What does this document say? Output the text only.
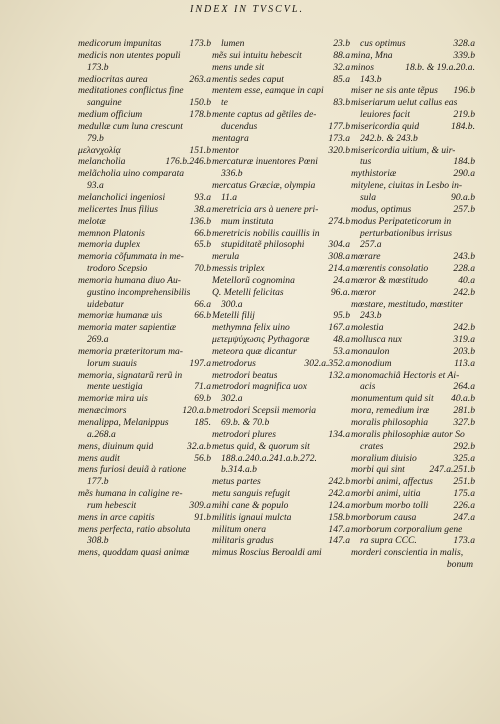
INDEX IN TVSCVL.
medicorum impunitas	173.b
medicis non utentes populi
173.b
mediocritas aurea	263.a
meditationes conflictus fine
sanguine	150.b
medium officium	178.b
medullæ cum luna crescunt
79.b
μελανχολίᾳ	151.b
melancholia	176.b.246.b
melãcholia uino comparata
93.a
melancholici ingeniosi	93.a
melicertes Inus filius	38.a
melotæ	136.b
memnon Platonis	66.b
memoria duplex	65.b
memoria cõfummata in me-
trodoro Scepsio	70.b
memoria humana diuo Au-
gustino incomprehensibilis
uidebatur	66.a
memoriæ humanæ uis	66.b
memoria mater sapientiæ
269.a
memoria præteritorum ma-
lorum suauis	197.a
memoria, signatarũ rerũ in
mente uestigia	71.a
memoriæ mira uis	69.b
menæcimors	120.a.b
menalippa, Melanippus	185.
a.268.a
mens, diuinum quid	32.a.b
mens audit	56.b
mens furiosi deuiã à ratione
177.b
mẽs humana in caligine re-
rum hebescit	309.a
mens in arce capitis	91.b
mens perfecta, ratio absoluta
308.b
mens, quoddam quasi animæ
lumen	23.b
mẽs sui intuitu hebescit	88.a
mens unde sit	32.a
mentis sedes caput	85.a
mentem esse, eamque in capi
te	83.b
mente captus ad gẽtiles de-
ducendus	177.b
mentagra	173.a
mentor	320.b
mercaturæ inuentores Pœni
336.b
mercatus Græciæ, olympia
11.a
meretricia ars à uenere pri-
mum instituta	274.b
meretricis nobilis cauillis in
stupiditatẽ philosophi 304.a
merula	308.a
messis triplex	214.a
Metellorũ cognomina	24.a
Q. Metelli felicitas	96.a.
300.a
Metelli filij	95.b
methymna felix uino	167.a
μετεμψύχωσις Pythagoræ 48.a
meteora quæ dicantur	53.a
metrodorus	302.a.352.a
metrodori beatus	132.a
metrodori magnifica uox
302.a
metrodori Scepsii memoria
69.b. & 70.b
metrodori plures	134.a
metus quid, & quorum sit
188.a.240.a.241.a.b.272.
b.314.a.b
metus partes	242.b
metu sanguis refugit	242.a
mihi cane & populo	124.a
militis ignaui mulcta	158.b
militum onera	147.a
militaris gradus	147.a
mimus Roscius Beroaldi ami
cus optimus	328.a
mina, Mna	339.b
minos	18.b. & 19.a.20.a.
143.b
miser ne sis ante tẽpus 196.b
miseriarum uelut callus eas
leuiores facit	219.b
misericordia quid	184.b.
242.b. & 243.b
misericordia uitium, & uir-
tus	184.b
mythistoriæ	290.a
mitylene, ciuitas in Lesbo in-
sula	90.a.b
modus, optimus	257.b
modus Peripateticorum in
perturbationibus irrisus
257.a
mœrare	243.b
mœrentis consolatio	228.a
mœror & mœstitudo	40.a
mœror	242.b
mœstare, mestitudo, mœstiter
243.b
molestia	242.b
mollusca nux	319.a
monaulon	203.b
monodium	113.a
monomachiâ Hectoris et Ai-
acis	264.a
monumentum quid sit 40.a.b
mora, remedium iræ	281.b
moralis philosophia	327.b
moralis philosophiæ autor So
crates	292.b
moralium diuisio	325.a
morbi qui sint	247.a.251.b
morbi animi, affectus 251.b
morbi animi, uitia	175.a
morbum morbo tolli	226.a
morborum causa	247.a
morborum corporalium gene
ra supra CCC.	173.a
morderi conscientia in malis,
bonum
